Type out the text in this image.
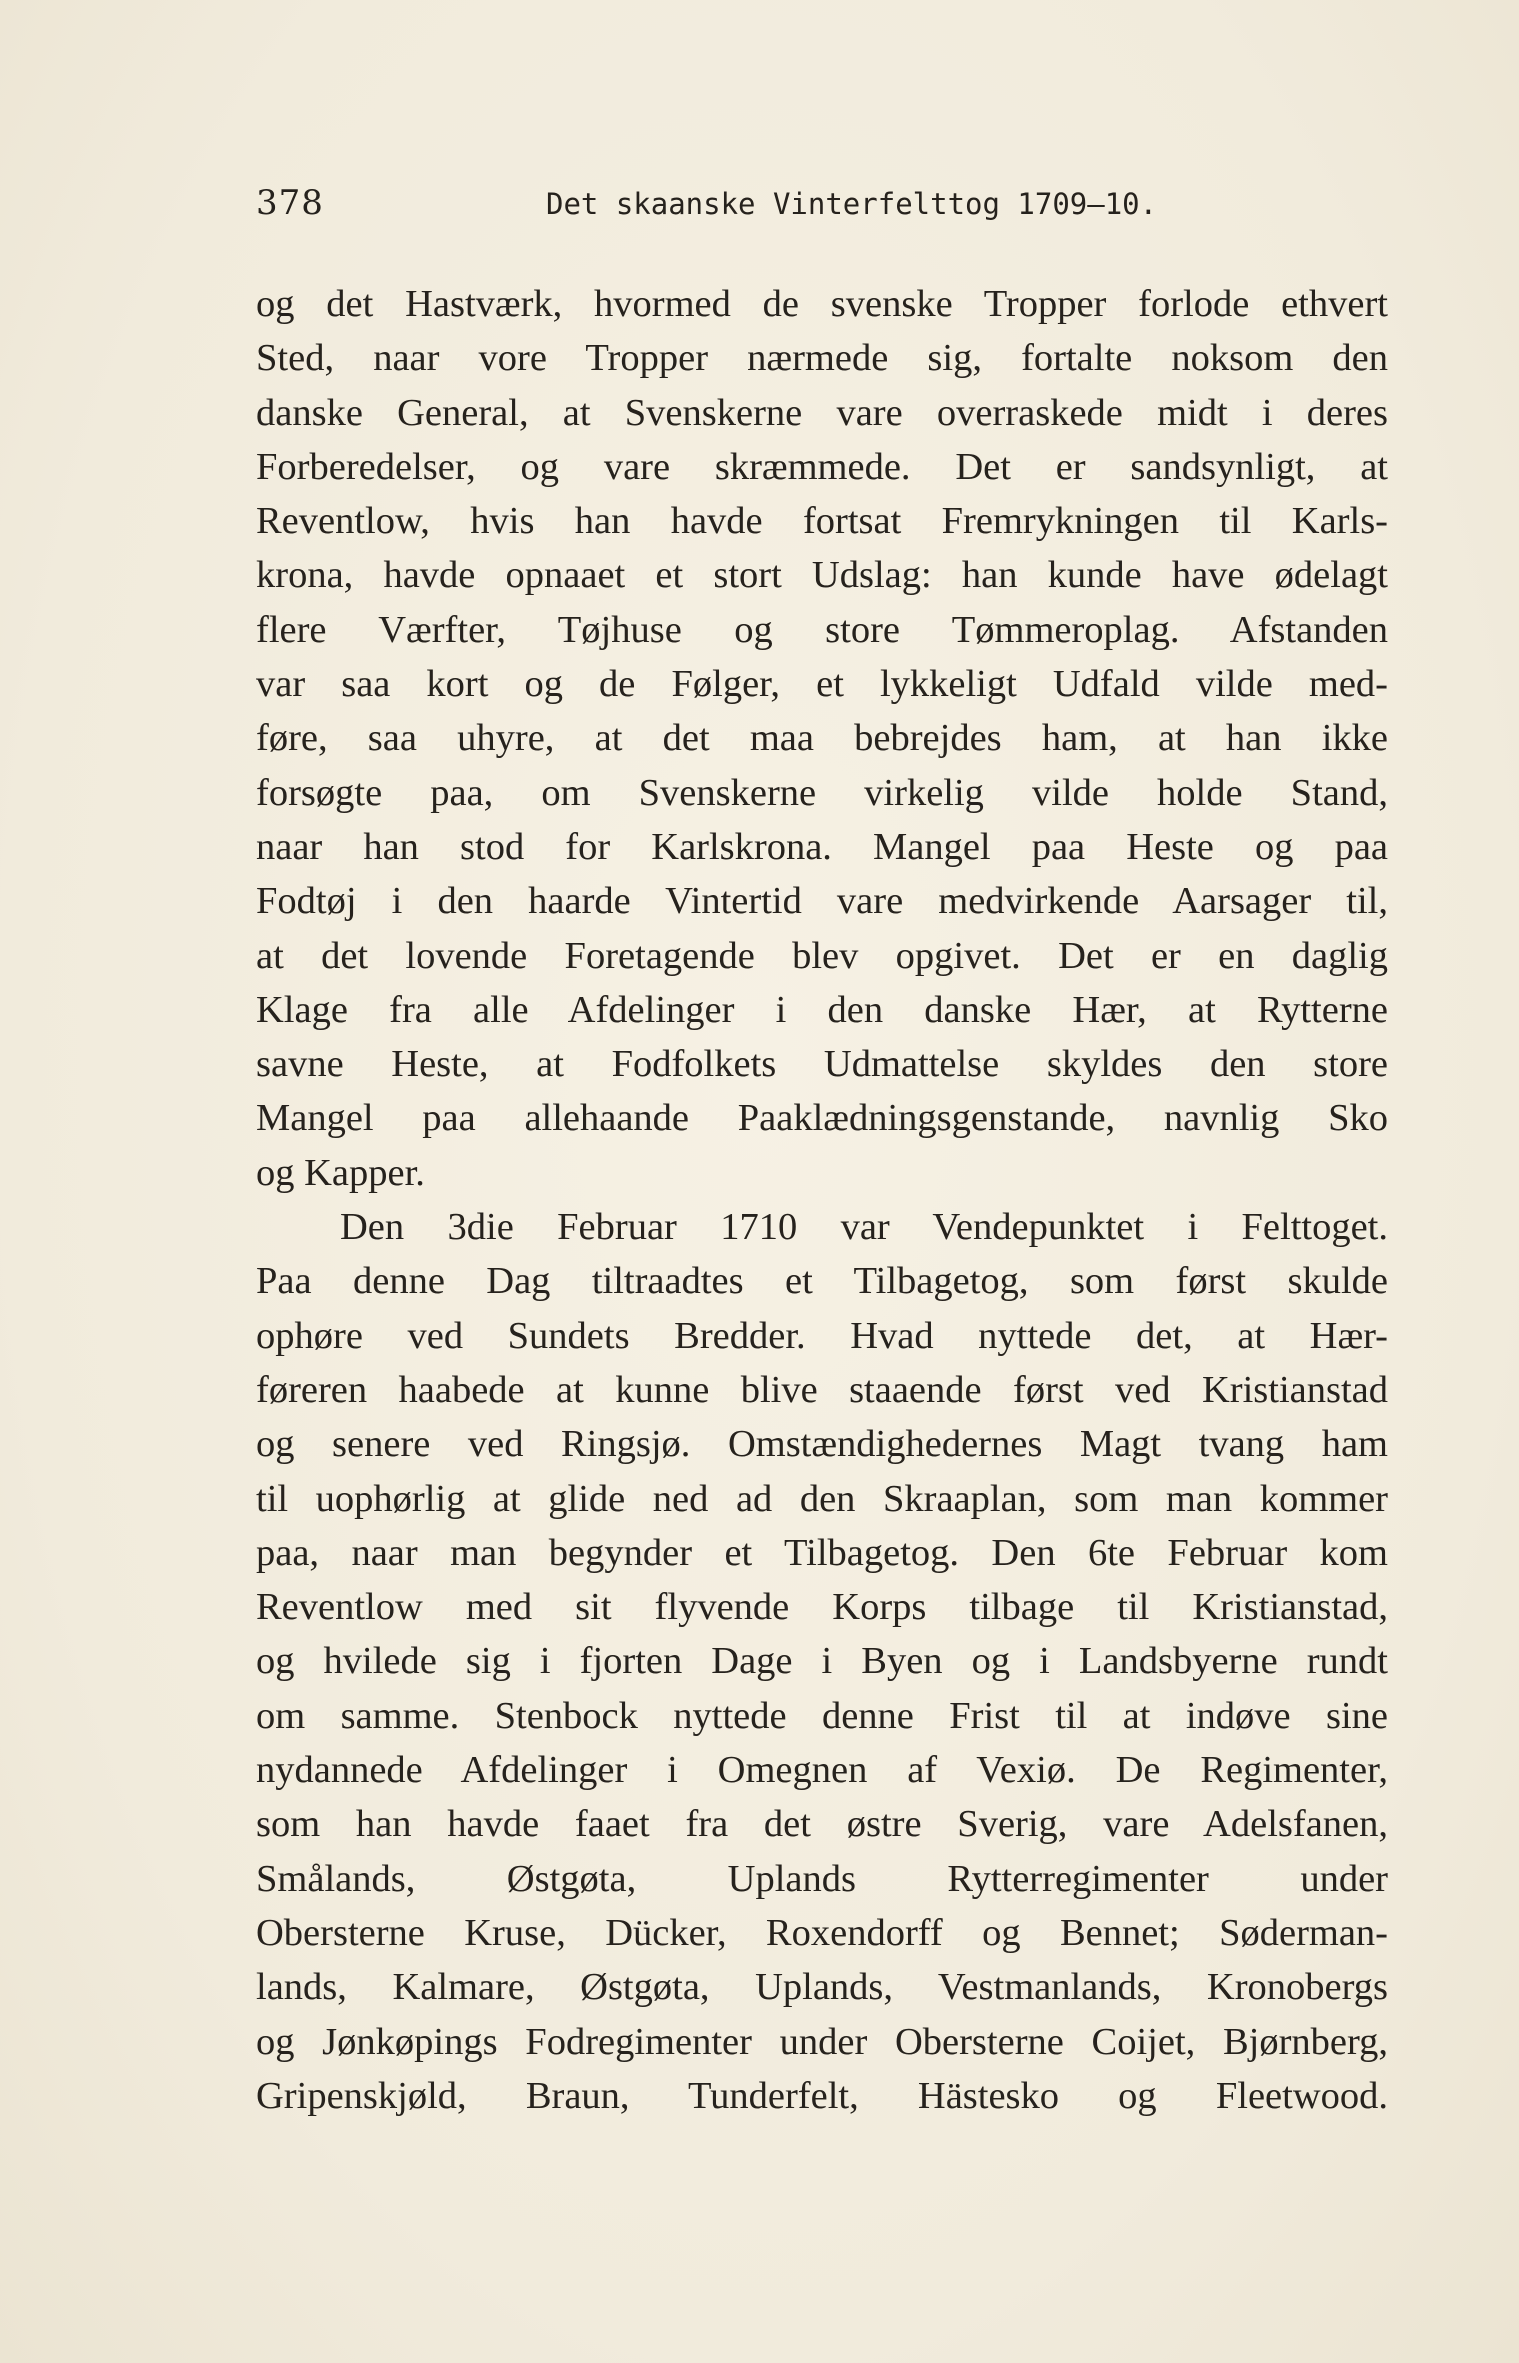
378	Det skaanske Vinterfelttog 1709—10.
og det Hastværk, hvormed de svenske Tropper forlode ethvert
Sted, naar vore Tropper nærmede sig, fortalte noksom den
danske General, at Svenskerne vare overraskede midt i deres
Forberedelser, og vare skræmmede. Det er sandsynligt, at
Reventlow, hvis han havde fortsat Fremrykningen til Karls-
krona, havde opnaaet et stort Udslag: han kunde have ødelagt
flere Værfter, Tøjhuse og store Tømmeroplag. Afstanden
var saa kort og de Følger, et lykkeligt Udfald vilde med-
føre, saa uhyre, at det maa bebrejdes ham, at han ikke
forsøgte paa, om Svenskerne virkelig vilde holde Stand,
naar han stod for Karlskrona. Mangel paa Heste og paa
Fodtøj i den haarde Vintertid vare medvirkende Aarsager til,
at det lovende Foretagende blev opgivet. Det er en daglig
Klage fra alle Afdelinger i den danske Hær, at Rytterne
savne Heste, at Fodfolkets Udmattelse skyldes den store
Mangel paa allehaande Paaklædningsgenstande, navnlig Sko
og Kapper.
Den 3die Februar 1710 var Vendepunktet i Felttoget.
Paa denne Dag tiltraadtes et Tilbagetog, som først skulde
ophøre ved Sundets Bredder. Hvad nyttede det, at Hær-
føreren haabede at kunne blive staaende først ved Kristianstad
og senere ved Ringsjø. Omstændighedernes Magt tvang ham
til uophørlig at glide ned ad den Skraaplan, som man kommer
paa, naar man begynder et Tilbagetog. Den 6te Februar kom
Reventlow med sit flyvende Korps tilbage til Kristianstad,
og hvilede sig i fjorten Dage i Byen og i Landsbyerne rundt
om samme. Stenbock nyttede denne Frist til at indøve sine
nydannede Afdelinger i Omegnen af Vexiø. De Regimenter,
som han havde faaet fra det østre Sverig, vare Adelsfanen,
Smålands, Østgøta, Uplands Rytterregimenter under
Obersterne Kruse, Dücker, Roxendorff og Bennet; Søderman-
lands, Kalmare, Østgøta, Uplands, Vestmanlands, Kronobergs
og Jønkøpings Fodregimenter under Obersterne Coijet, Bjørnberg,
Gripenskjøld, Braun, Tunderfelt, Hästesko og Fleetwood.
